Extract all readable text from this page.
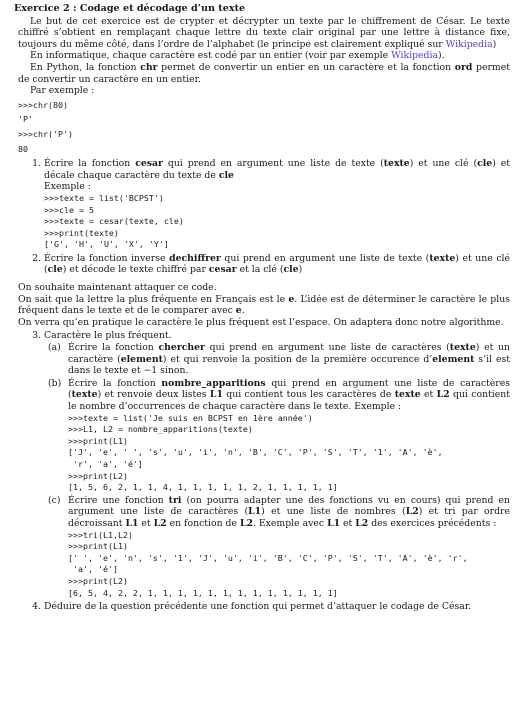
Exercice 2 : Codage et décodage d’un texte

Le but de cet exercice est de crypter et décrypter un texte par le chiffrement de César. Le texte chiffré s’obtient en remplaçant chaque lettre du texte clair original par une lettre à distance fixe, toujours du même côté, dans l’ordre de l’alphabet (le principe est clairement expliqué sur Wikipedia)

En informatique, chaque caractère est codé par un entier (voir par exemple Wikipedia).

En Python, la fonction chr permet de convertir un entier en un caractère et la fonction ord permet de convertir un caractère en un entier.

Par exemple :

>>>chr(80)
'P'
>>>chr('P')
80
1. Écrire la fonction cesar qui prend en argument une liste de texte (texte) et une clé (cle) et décale chaque caractère du texte de cle
Exemple :
>>>texte = list('BCPST')
>>>cle = 5
>>>texte = cesar(texte, cle)
>>>print(texte)
['G', 'H', 'U', 'X', 'Y']
2. Écrire la fonction inverse dechiffrer qui prend en argument une liste de texte (texte) et une clé (cle) et décode le texte chiffré par cesar et la clé (cle)

On souhaite maintenant attaquer ce code.

On sait que la lettre la plus fréquente en Français est le e. L’idée est de déterminer le caractère le plus fréquent dans le texte et de le comparer avec e.

On verra qu’en pratique le caractère le plus fréquent est l’espace. On adaptera donc notre algorithme.

3. Caractère le plus fréquent.
(a) Écrire la fonction chercher qui prend en argument une liste de caractères (texte) et un caractère (element) et qui renvoie la position de la première occurence d’element s’il est dans le texte et −1 sinon.
(b) Écrire la fonction nombre_apparitions qui prend en argument une liste de caractères (texte) et renvoie deux listes L1 qui contient tous les caractères de texte et L2 qui contient le nombre d’occurrences de chaque caractère dans le texte. Exemple :
>>>texte = list('Je suis en BCPST en 1ère année')
>>>L1, L2 = nombre_apparitions(texte)
>>>print(L1)
['J', 'e', ' ', 's', 'u', 'i', 'n', 'B', 'C', 'P', 'S', 'T', '1', 'A', 'è',
'r', 'a', 'é']
>>>print(L2)
[1, 5, 6, 2, 1, 1, 4, 1, 1, 1, 1, 1, 2, 1, 1, 1, 1, 1]
(c) Écrire une fonction tri (on pourra adapter une des fonctions vu en cours) qui prend en argument une liste de caractères (L1) et une liste de nombres (L2) et tri par ordre décroissant L1 et L2 en fonction de L2. Exemple avec L1 et L2 des exercices précédents :
>>>tri(L1,L2)
>>>print(L1)
[' ', 'e', 'n', 's', '1', 'J', 'u', 'i', 'B', 'C', 'P', 'S', 'T', 'A', 'è', 'r',
'a', 'é']
>>>print(L2)
[6, 5, 4, 2, 2, 1, 1, 1, 1, 1, 1, 1, 1, 1, 1, 1, 1, 1]
4. Déduire de la question précédente une fonction qui permet d’attaquer le codage de César.
